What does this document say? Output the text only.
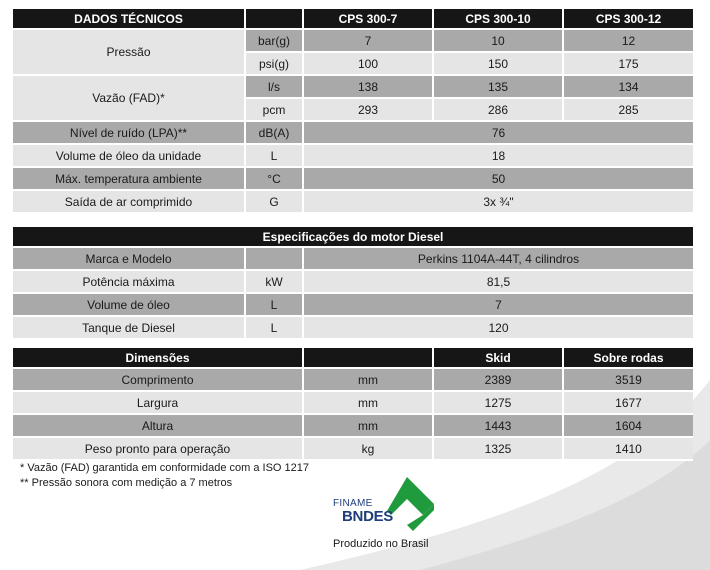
DADOS TÉCNICOS		CPS 300-7	CPS 300-10	CPS 300-12
Pressão	bar(g)	7	10	12
	psi(g)	100	150	175
Vazão (FAD)*	l/s	138	135	134
	pcm	293	286	285
Nível de ruído (LPA)**	dB(A)	76		
Volume de óleo da unidade	L	18		
Máx. temperatura ambiente	°C	50		
Saída de ar comprimido	G	3x ¾"		
Especificações do motor Diesel		
Marca e Modelo		Perkins 1104A-44T, 4 cilindros
Potência máxima	kW	81,5
Volume de óleo	L	7
Tanque de Diesel	L	120
Dimensões		Skid	Sobre rodas
Comprimento	mm	2389	3519
Largura	mm	1275	1677
Altura	mm	1443	1604
Peso pronto para operação	kg	1325	1410
* Vazão (FAD) garantida em conformidade com a ISO 1217
** Pressão sonora com medição a 7 metros
FINAME
BNDES
Produzido no Brasil
